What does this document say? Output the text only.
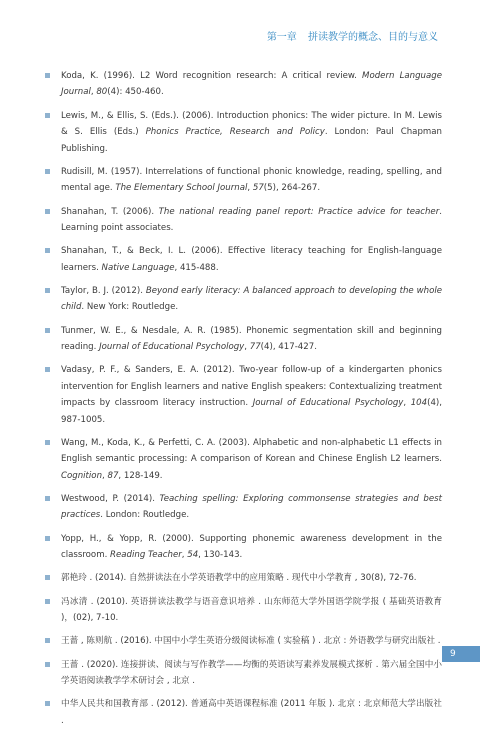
第一章 拼读教学的概念、目的与意义
Koda, K. (1996). L2 Word recognition research: A critical review. Modern Language Journal, 80(4): 450-460.
Lewis, M., & Ellis, S. (Eds.). (2006). Introduction phonics: The wider picture. In M. Lewis & S. Ellis (Eds.) Phonics Practice, Research and Policy. London: Paul Chapman Publishing.
Rudisill, M. (1957). Interrelations of functional phonic knowledge, reading, spelling, and mental age. The Elementary School Journal, 57(5), 264-267.
Shanahan, T. (2006). The national reading panel report: Practice advice for teacher. Learning point associates.
Shanahan, T., & Beck, I. L. (2006). Effective literacy teaching for English-language learners. Native Language, 415-488.
Taylor, B. J. (2012). Beyond early literacy: A balanced approach to developing the whole child. New York: Routledge.
Tunmer, W. E., & Nesdale, A. R. (1985). Phonemic segmentation skill and beginning reading. Journal of Educational Psychology, 77(4), 417-427.
Vadasy, P. F., & Sanders, E. A. (2012). Two-year follow-up of a kindergarten phonics intervention for English learners and native English speakers: Contextualizing treatment impacts by classroom literacy instruction. Journal of Educational Psychology, 104(4), 987-1005.
Wang, M., Koda, K., & Perfetti, C. A. (2003). Alphabetic and non-alphabetic L1 effects in English semantic processing: A comparison of Korean and Chinese English L2 learners. Cognition, 87, 128-149.
Westwood, P. (2014). Teaching spelling: Exploring commonsense strategies and best practices. London: Routledge.
Yopp, H., & Yopp, R. (2000). Supporting phonemic awareness development in the classroom. Reading Teacher, 54, 130-143.
郭艳玲 . (2014). 自然拼读法在小学英语教学中的应用策略 . 现代中小学教育 , 30(8), 72-76.
冯冰清 . (2010). 英语拼读法教学与语音意识培养 . 山东师范大学外国语学院学报 ( 基础英语教育 )，(02), 7-10.
王蔷 , 陈则航 . (2016). 中国中小学生英语分级阅读标准 ( 实验稿 ) . 北京 : 外语教学与研究出版社 .
王蔷 . (2020). 连接拼读、阅读与写作教学——均衡的英语读写素养发展模式探析 . 第六届全国中小学英语阅读教学学术研讨会 , 北京 .
中华人民共和国教育部 . (2012). 普通高中英语课程标准 (2011 年版 ). 北京 : 北京师范大学出版社 .
9
